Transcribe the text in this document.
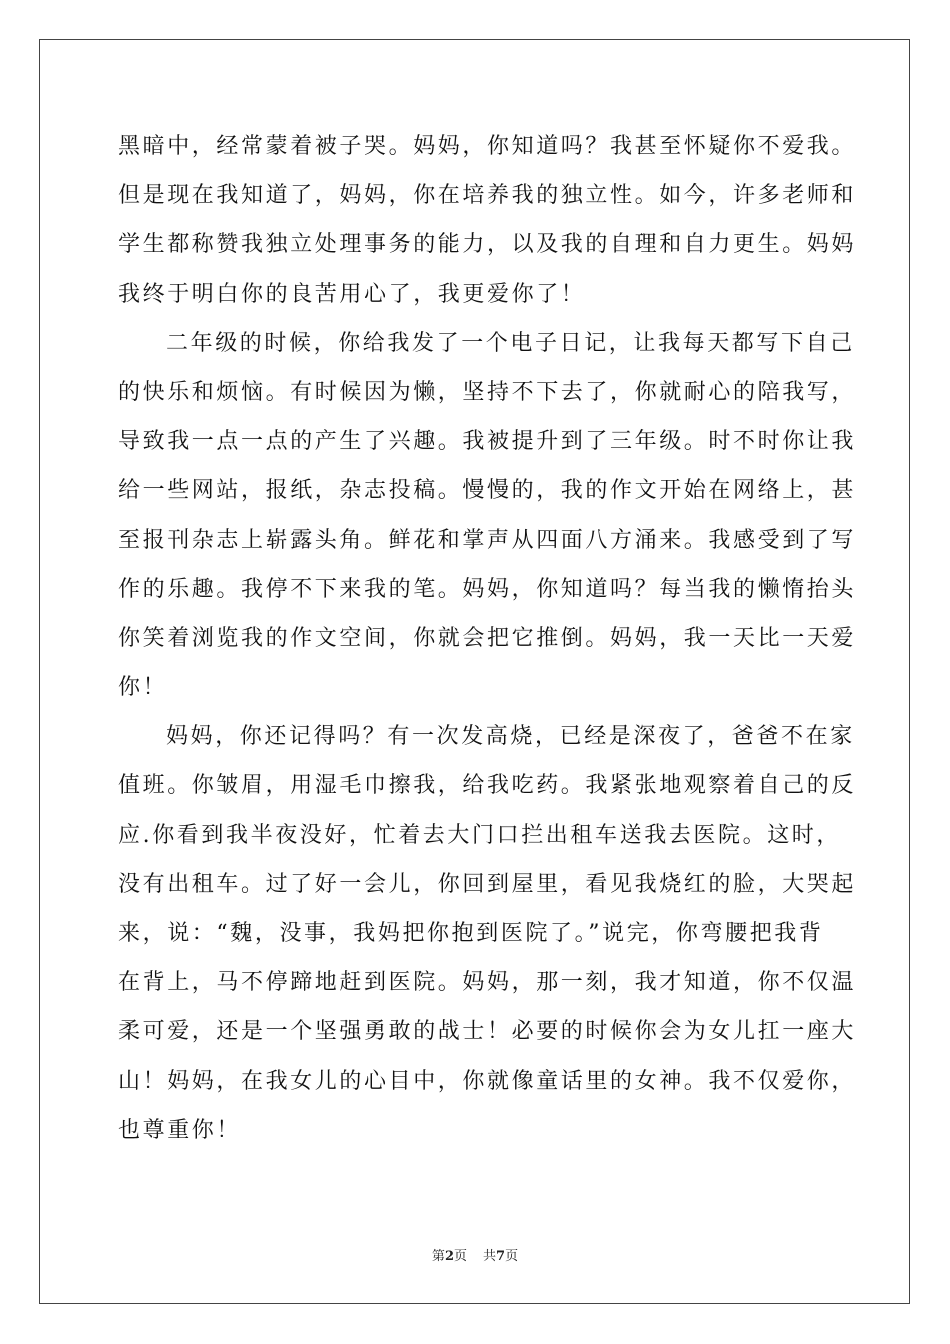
黑暗中，经常蒙着被子哭。妈妈，你知道吗？我甚至怀疑你不爱我。
但是现在我知道了，妈妈，你在培养我的独立性。如今，许多老师和
学生都称赞我独立处理事务的能力，以及我的自理和自力更生。妈妈
我终于明白你的良苦用心了，我更爱你了！
二年级的时候，你给我发了一个电子日记，让我每天都写下自己
的快乐和烦恼。有时候因为懒，坚持不下去了，你就耐心的陪我写，
导致我一点一点的产生了兴趣。我被提升到了三年级。时不时你让我
给一些网站，报纸，杂志投稿。慢慢的，我的作文开始在网络上，甚
至报刊杂志上崭露头角。鲜花和掌声从四面八方涌来。我感受到了写
作的乐趣。我停不下来我的笔。妈妈，你知道吗？每当我的懒惰抬头
你笑着浏览我的作文空间，你就会把它推倒。妈妈，我一天比一天爱
你！
妈妈，你还记得吗？有一次发高烧，已经是深夜了，爸爸不在家
值班。你皱眉，用湿毛巾擦我，给我吃药。我紧张地观察着自己的反
应.你看到我半夜没好，忙着去大门口拦出租车送我去医院。这时，
没有出租车。过了好一会儿，你回到屋里，看见我烧红的脸，大哭起
来，说：“魏，没事，我妈把你抱到医院了。”说完，你弯腰把我背
在背上，马不停蹄地赶到医院。妈妈，那一刻，我才知道，你不仅温
柔可爱，还是一个坚强勇敢的战士！必要的时候你会为女儿扛一座大
山！妈妈，在我女儿的心目中，你就像童话里的女神。我不仅爱你，
也尊重你！
第2页 共7页
